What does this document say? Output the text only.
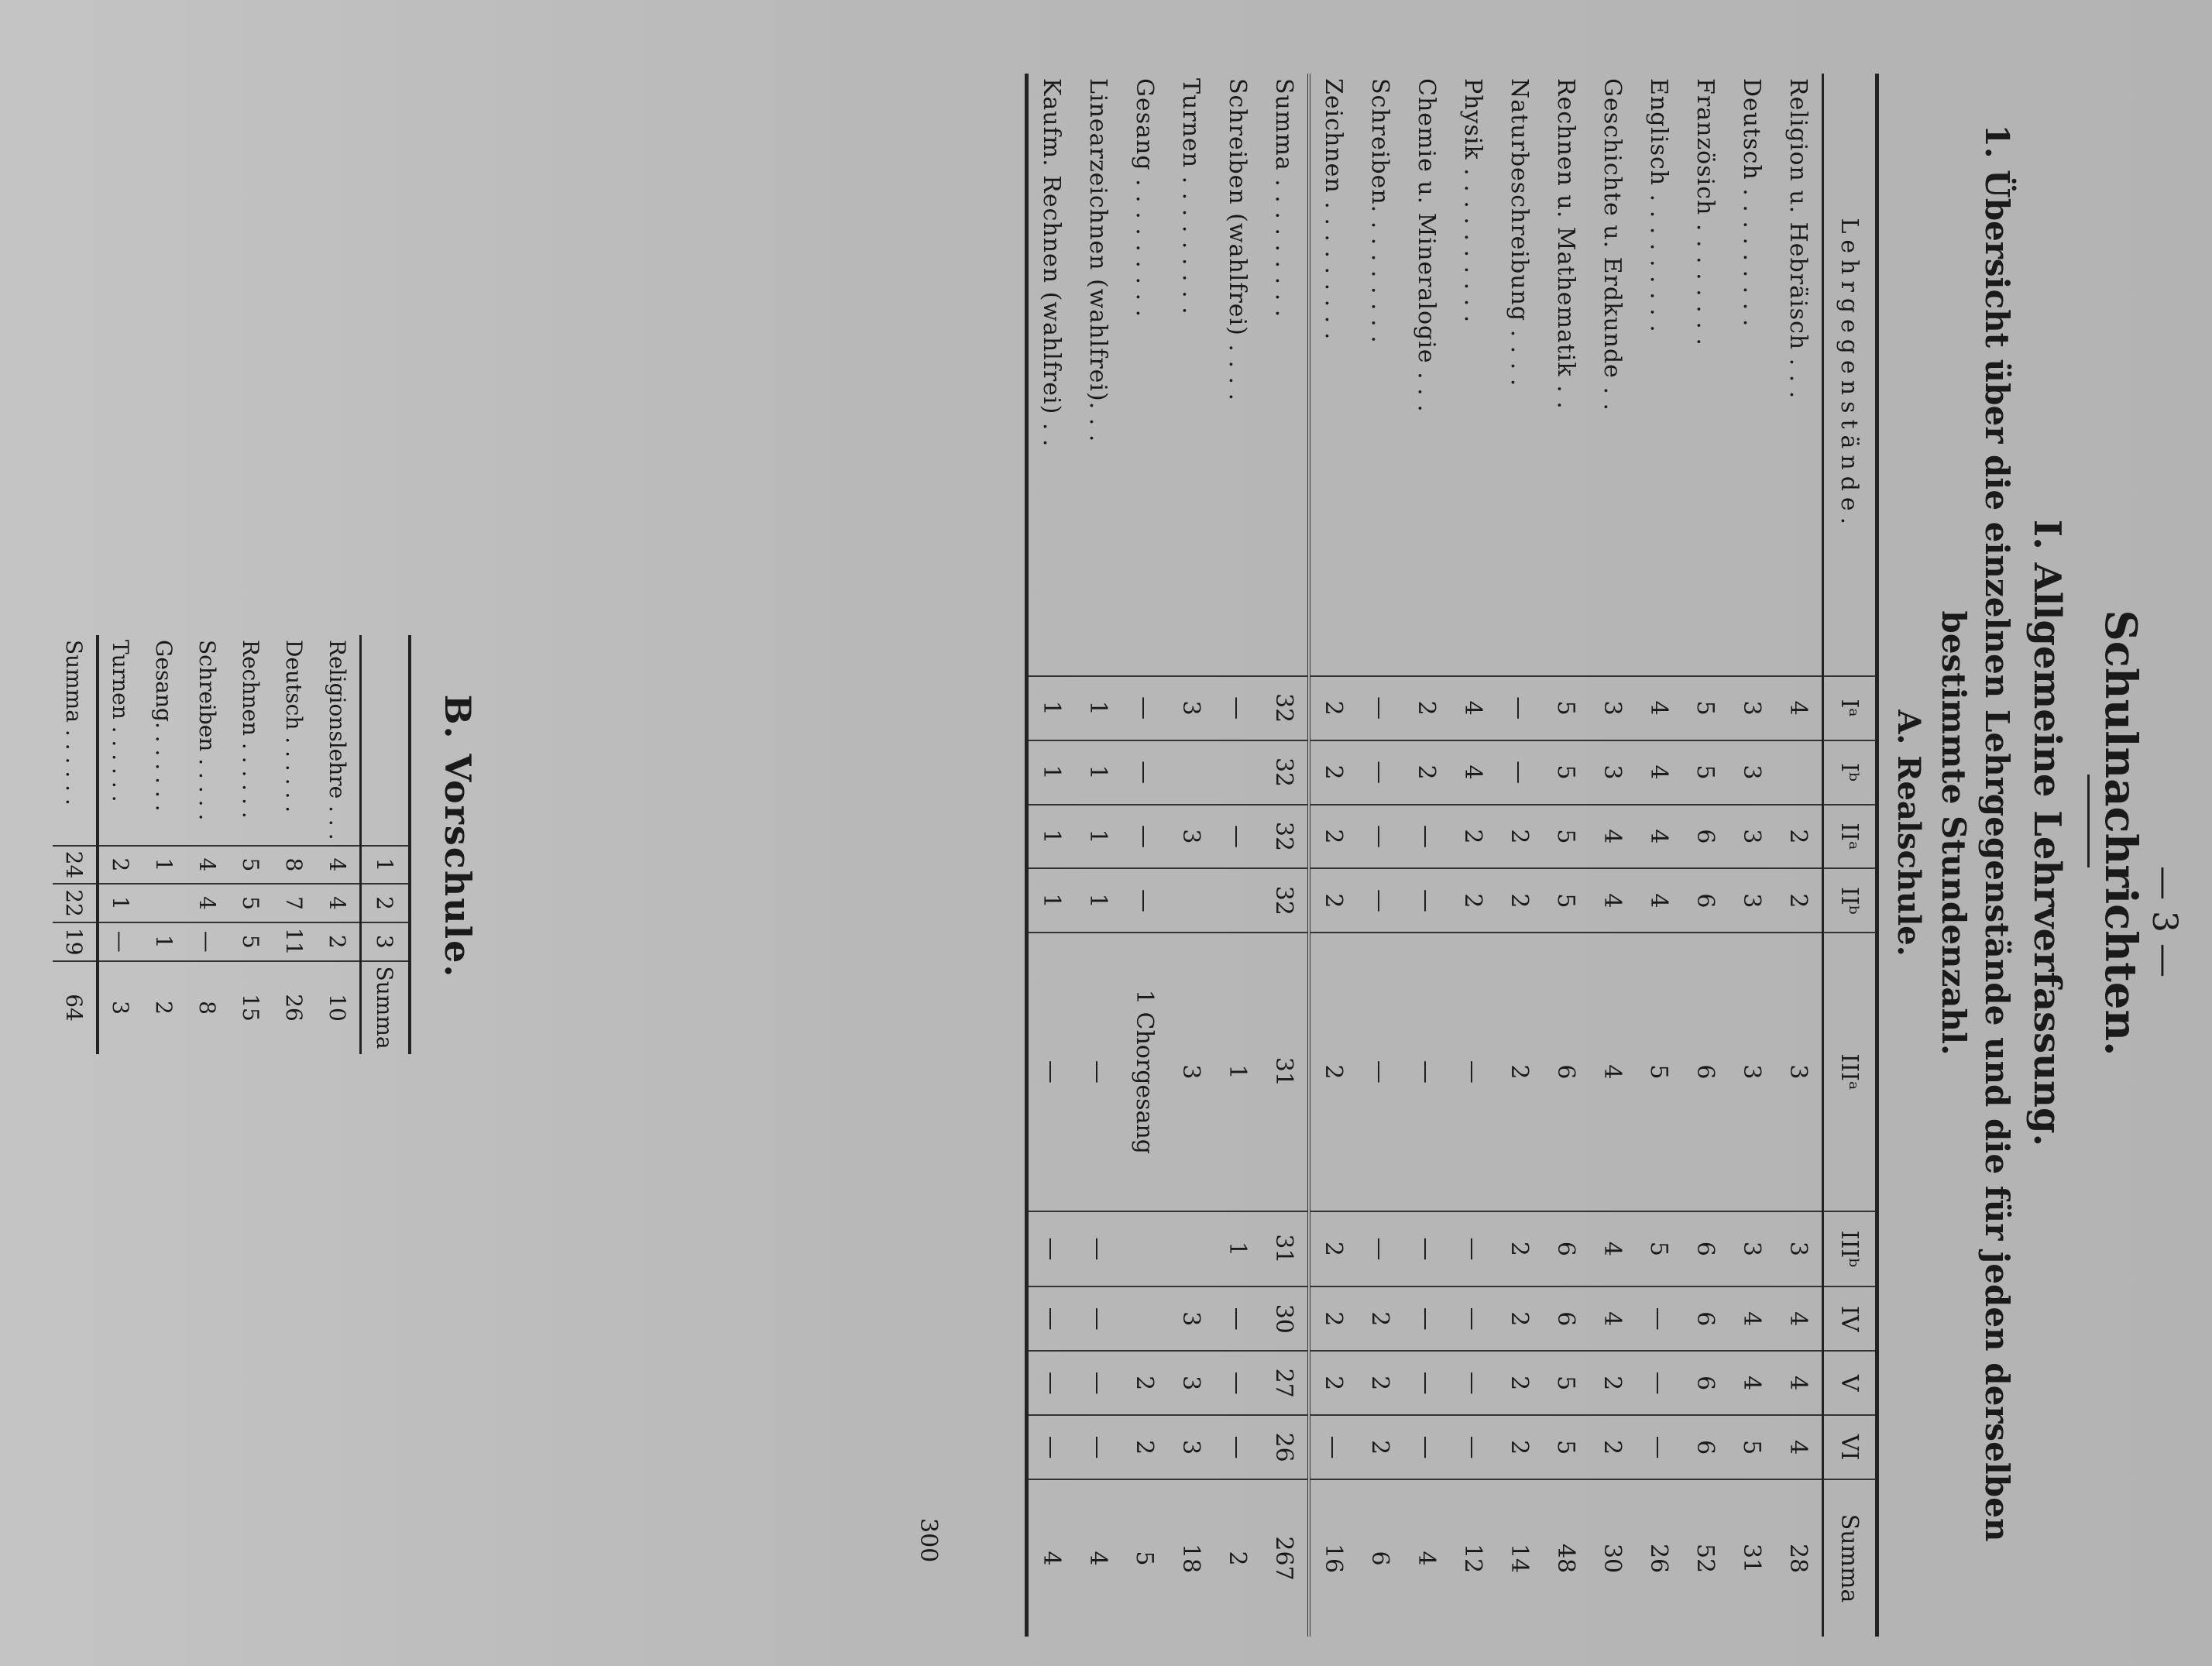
— 3 —
Schulnachrichten.
I. Allgemeine Lehrverfassung.
1. Übersicht über die einzelnen Lehrgegenstände und die für jeden derselben
bestimmte Stundenzahl.
A. Realschule.
Lehrgegenstände.	Iᵃ	Iᵇ	IIᵃ	IIᵇ	IIIᵃ	IIIᵇ	IV	V	VI	Summa
Religion u. Hebräisch . . .	4		2	2	3	3	4	4	4	28
Deutsch . . . . . . . . .	3	3	3	3	3	3	4	4	5	31
Französich . . . . . . . .	5	5	6	6	6	6	6	6	6	52
Englisch . . . . . . . . .	4	4	4	4	5	5	—	—	—	26
Geschichte u. Erdkunde . .	3	3	4	4	4	4	4	2	2	30
Rechnen u. Mathematik . .	5	5	5	5	6	6	6	5	5	48
Naturbeschreibung . . . .	—	—	2	2	2	2	2	2	2	14
Physik . . . . . . . . . .	4	4	2	2	—	—	—	—	—	12
Chemie u. Mineralogie . . .	2	2	—	—	—	—	—	—	—	4
Schreiben. . . . . . . . .	—	—	—	—	—	—	2	2	2	6
Zeichnen . . . . . . . . .	2	2	2	2	2	2	2	2	—	16
Summa . . . . . . . . .	32	32	32	32	31	31	30	27	26	267
Schreiben (wahlfrei) . . . .	—		—		1	1	—	—	—	2
Turnen . . . . . . . . .	3		3		3		3	3	3	18
Gesang . . . . . . . . .	—	—	—	—	1 Chorgesang			2	2	5
Linearzeichnen (wahlfrei). . .	1	1	1	1	—	—	—	—	—	4
Kaufm. Rechnen (wahlfrei) . .	1	1	1	1	—	—	—	—	—	4
300
B. Vorschule.
	1	2	3	Summa
Religionslehre . . .	4	4	2	10
Deutsch . . . . . .	8	7	11	26
Rechnen . . . . . .	5	5	5	15
Schreiben . . . . .	4	4	—	8
Gesang. . . . . . .	1		1	2
Turnen . . . . . .	2	1	—	3
Summa . . . . . .	24	22	19	64
